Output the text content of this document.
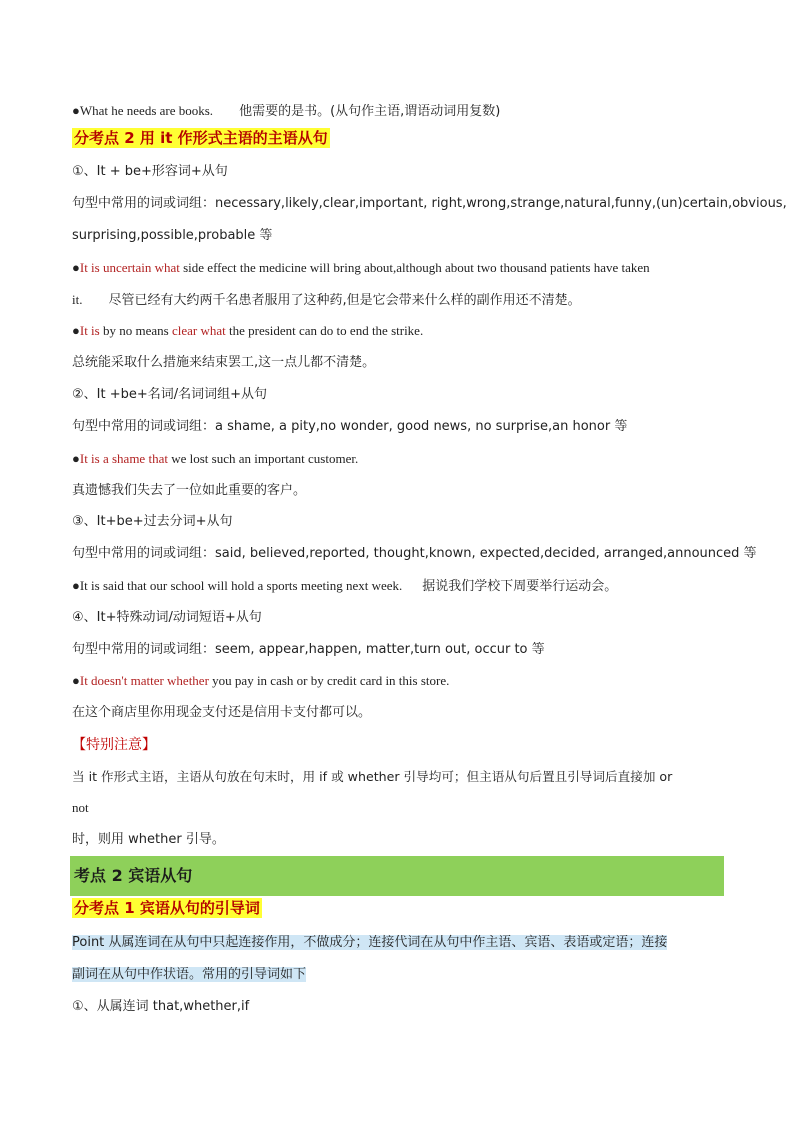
●What he needs are books. 他需要的是书。(从句作主语,谓语动词用复数)
分考点 2 用 it 作形式主语的主语从句
①、It + be+形容词+从句
句型中常用的词或词组：necessary,likely,clear,important, right,wrong,strange,natural,funny,(un)certain,obvious,
surprising,possible,probable 等
●It is uncertain what side effect the medicine will bring about,although about two thousand patients have taken
it. 尽管已经有大约两千名患者服用了这种药,但是它会带来什么样的副作用还不清楚。
●It is by no means clear what the president can do to end the strike.
总统能采取什么措施来结束罢工,这一点儿都不清楚。
②、It +be+名词/名词词组+从句
句型中常用的词或词组：a shame, a pity,no wonder, good news, no surprise,an honor 等
●It is a shame that we lost such an important customer.
真遗憾我们失去了一位如此重要的客户。
③、It+be+过去分词+从句
句型中常用的词或词组：said, believed,reported, thought,known, expected,decided, arranged,announced 等
●It is said that our school will hold a sports meeting next week. 据说我们学校下周要举行运动会。
④、It+特殊动词/动词短语+从句
句型中常用的词或词组：seem, appear,happen, matter,turn out, occur to 等
●It doesn't matter whether you pay in cash or by credit card in this store.
在这个商店里你用现金支付还是信用卡支付都可以。
【特别注意】
当 it 作形式主语，主语从句放在句末时，用 if 或 whether 引导均可；但主语从句后置且引导词后直接加 or
not
时，则用 whether 引导。
考点 2 宾语从句
分考点 1 宾语从句的引导词
Point 从属连词在从句中只起连接作用，不做成分；连接代词在从句中作主语、宾语、表语或定语；连接
副词在从句中作状语。常用的引导词如下
①、从属连词 that,whether,if
